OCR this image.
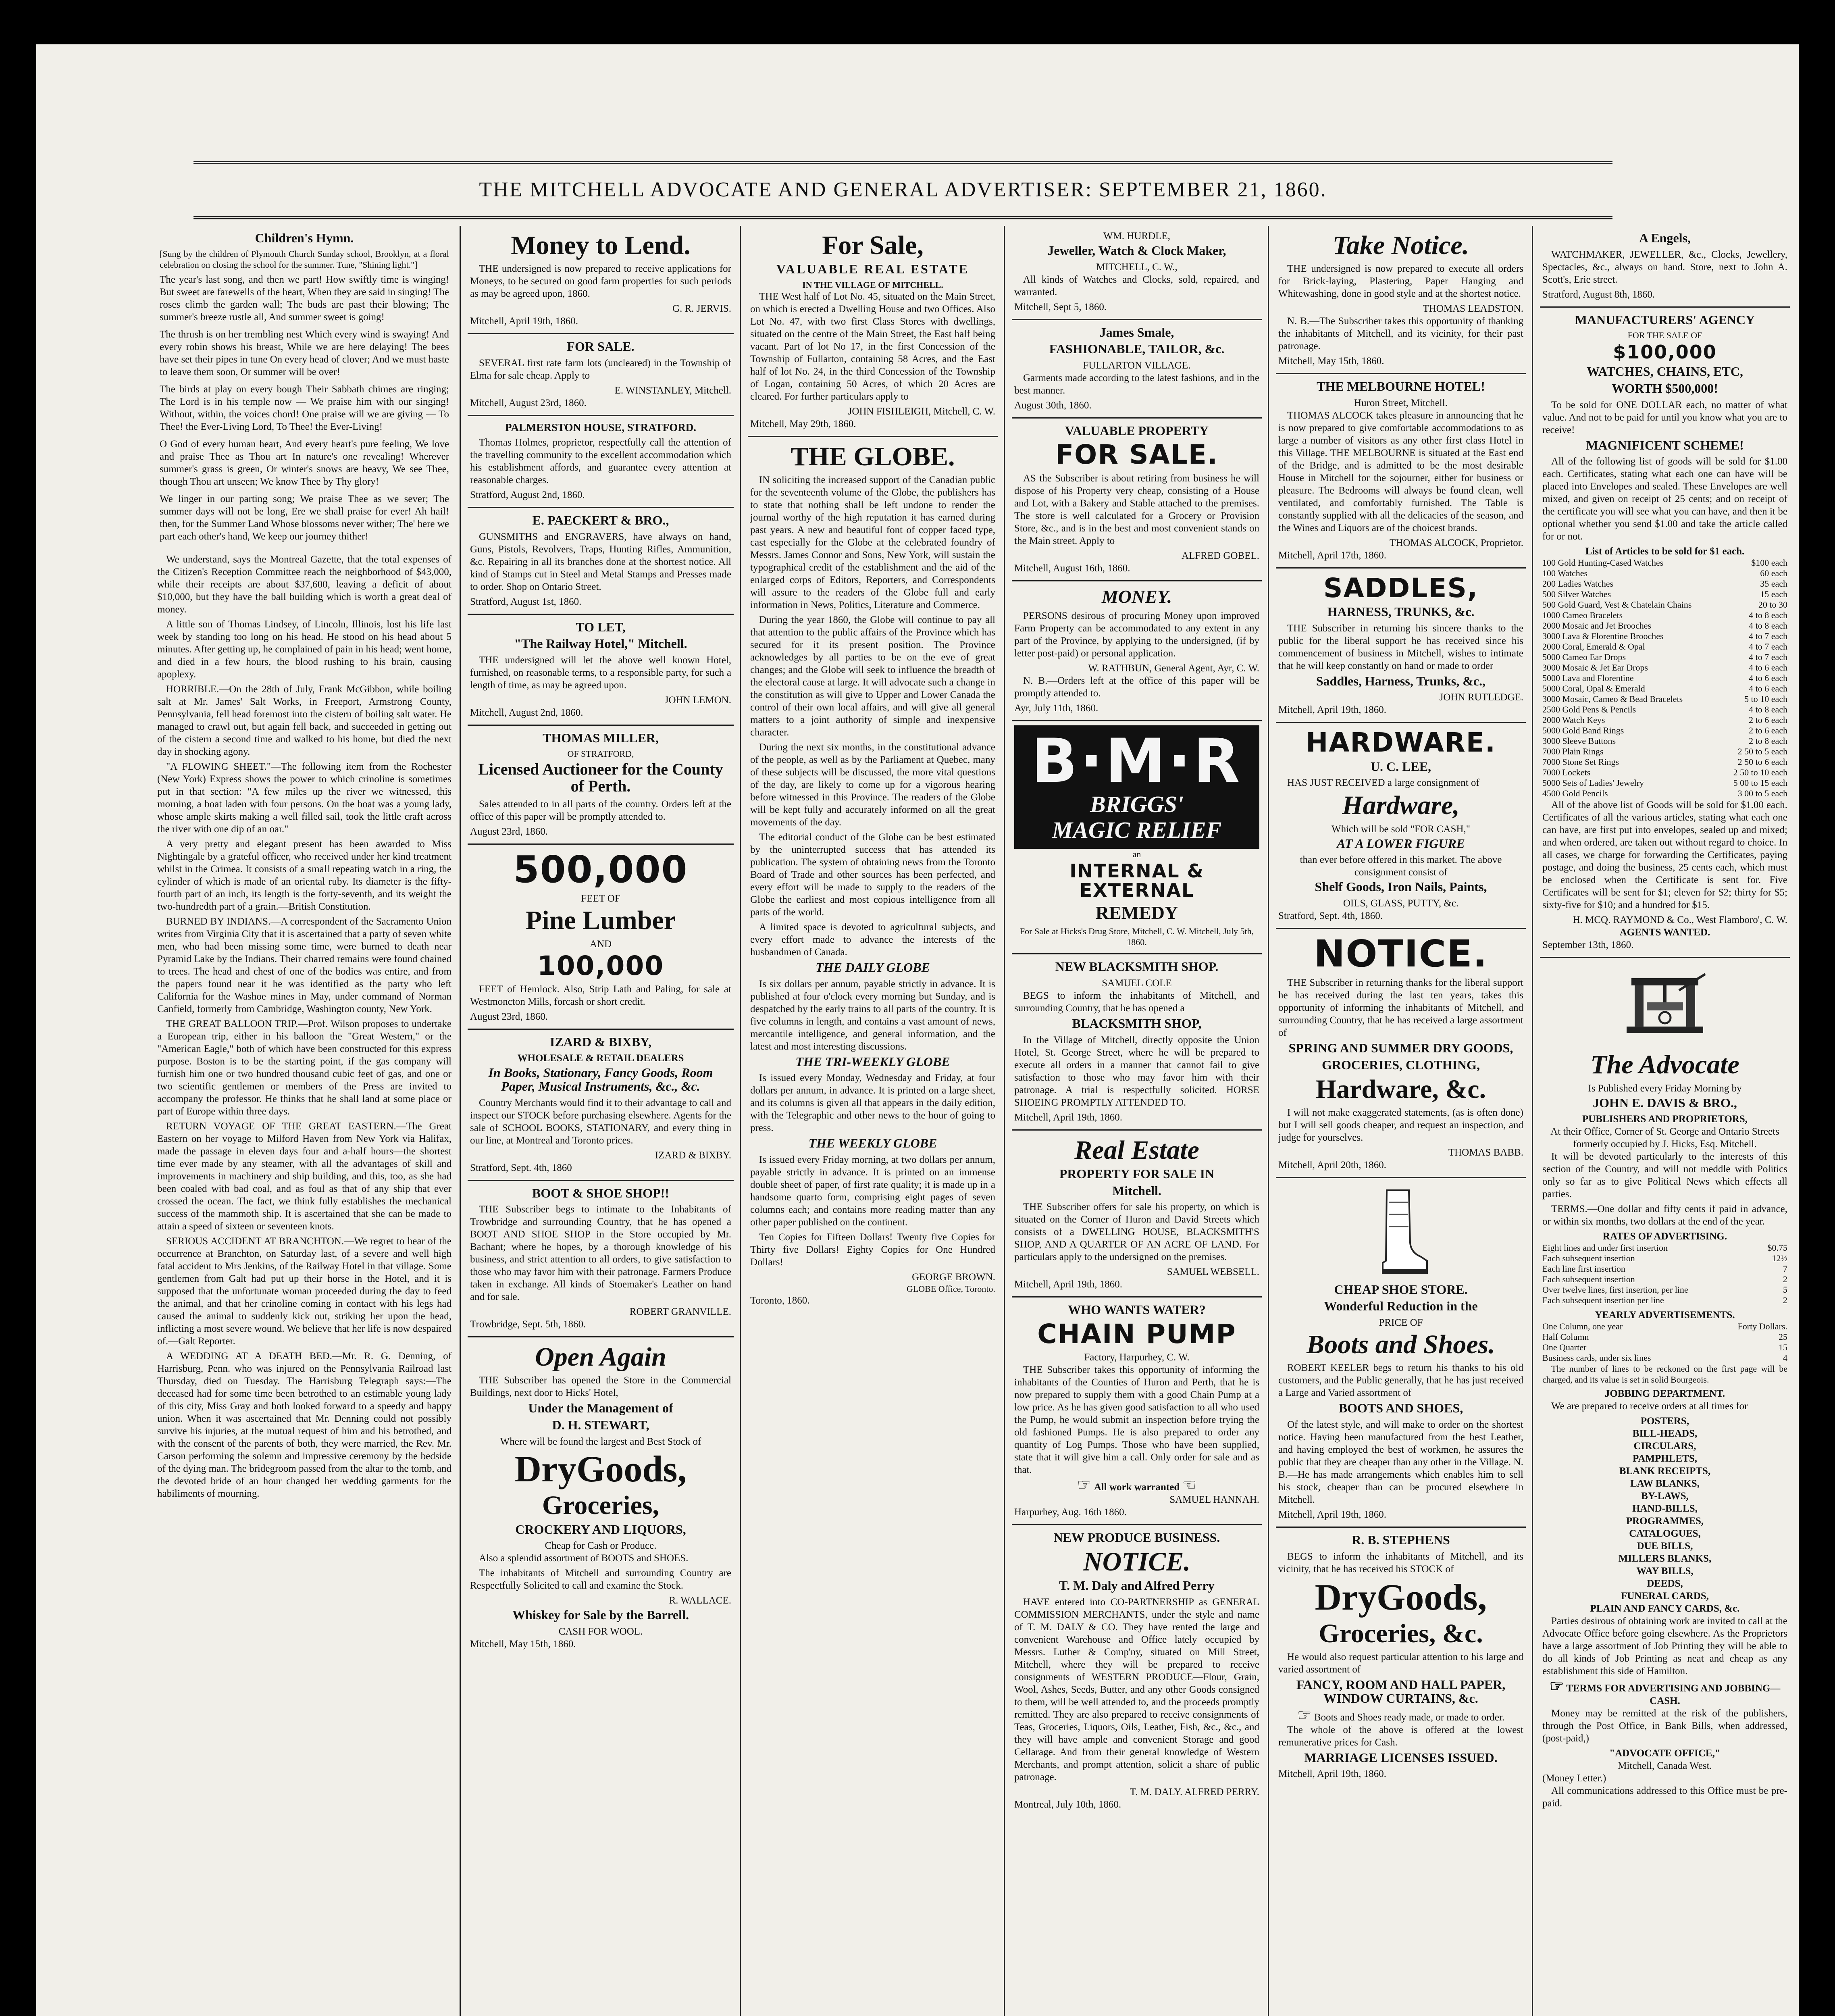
THE MITCHELL ADVOCATE AND GENERAL ADVERTISER: SEPTEMBER 21, 1860.
Children's Hymn.
[Sung by the children of Plymouth Church Sunday school, Brooklyn, at a floral celebration on closing the school for the summer. Tune, "Shining light."]

The year's last song, and then we part! How swiftly time is winging! But sweet are farewells of the heart, When they are said in singing! The roses climb the garden wall; The buds are past their blowing; The summer's breeze rustle all, And summer sweet is going!

The thrush is on her trembling nest Which every wind is swaying! And every robin shows his breast, While we are here delaying! The bees have set their pipes in tune On every head of clover; And we must haste to leave them soon, Or summer will be over!

The birds at play on every bough Their Sabbath chimes are ringing; The Lord is in his temple now — We praise him with our singing! Without, within, the voices chord! One praise will we are giving — To Thee! the Ever-Living Lord, To Thee! the Ever-Living!

O God of every human heart, And every heart's pure feeling, We love and praise Thee as Thou art In nature's one revealing! Wherever summer's grass is green, Or winter's snows are heavy, We see Thee, though Thou art unseen; We know Thee by Thy glory!

We linger in our parting song; We praise Thee as we sever; The summer days will not be long, Ere we shall praise for ever! Ah hail! then, for the Summer Land Whose blossoms never wither; The' here we part each other's hand, We keep our journey thither!

We understand, says the Montreal Gazette, that the total expenses of the Citizen's Reception Committee reach the neighborhood of $43,000, while their receipts are about $37,600, leaving a deficit of about $10,000, but they have the ball building which is worth a great deal of money.

A little son of Thomas Lindsey, of Lincoln, Illinois, lost his life last week by standing too long on his head. He stood on his head about 5 minutes. After getting up, he complained of pain in his head; went home, and died in a few hours, the blood rushing to his brain, causing apoplexy.

HORRIBLE.—On the 28th of July, Frank McGibbon, while boiling salt at Mr. James' Salt Works, in Freeport, Armstrong County, Pennsylvania, fell head foremost into the cistern of boiling salt water. He managed to crawl out, but again fell back, and succeeded in getting out of the cistern a second time and walked to his home, but died the next day in shocking agony.

"A FLOWING SHEET."—The following item from the Rochester (New York) Express shows the power to which crinoline is sometimes put in that section: "A few miles up the river we witnessed, this morning, a boat laden with four persons. On the boat was a young lady, whose ample skirts making a well filled sail, took the little craft across the river with one dip of an oar."

A very pretty and elegant present has been awarded to Miss Nightingale by a grateful officer, who received under her kind treatment whilst in the Crimea. It consists of a small repeating watch in a ring, the cylinder of which is made of an oriental ruby. Its diameter is the fifty-fourth part of an inch, its length is the forty-seventh, and its weight the two-hundredth part of a grain.—British Constitution.

BURNED BY INDIANS.—A correspondent of the Sacramento Union writes from Virginia City that it is ascertained that a party of seven white men, who had been missing some time, were burned to death near Pyramid Lake by the Indians. Their charred remains were found chained to trees. The head and chest of one of the bodies was entire, and from the papers found near it he was identified as the party who left California for the Washoe mines in May, under command of Norman Canfield, formerly from Cambridge, Washington county, New York.

THE GREAT BALLOON TRIP.—Prof. Wilson proposes to undertake a European trip, either in his balloon the "Great Western," or the "American Eagle," both of which have been constructed for this express purpose. Boston is to be the starting point, if the gas company will furnish him one or two hundred thousand cubic feet of gas, and one or two scientific gentlemen or members of the Press are invited to accompany the professor. He thinks that he shall land at some place or part of Europe within three days.

RETURN VOYAGE OF THE GREAT EASTERN.—The Great Eastern on her voyage to Milford Haven from New York via Halifax, made the passage in eleven days four and a-half hours—the shortest time ever made by any steamer, with all the advantages of skill and improvements in machinery and ship building, and this, too, as she had been coaled with bad coal, and as foul as that of any ship that ever crossed the ocean. The fact, we think fully establishes the mechanical success of the mammoth ship. It is ascertained that she can be made to attain a speed of sixteen or seventeen knots.

SERIOUS ACCIDENT AT BRANCHTON.—We regret to hear of the occurrence at Branchton, on Saturday last, of a severe and well high fatal accident to Mrs Jenkins, of the Railway Hotel in that village. Some gentlemen from Galt had put up their horse in the Hotel, and it is supposed that the unfortunate woman proceeded during the day to feed the animal, and that her crinoline coming in contact with his legs had caused the animal to suddenly kick out, striking her upon the head, inflicting a most severe wound. We believe that her life is now despaired of.—Galt Reporter.

A WEDDING AT A DEATH BED.—Mr. R. G. Denning, of Harrisburg, Penn. who was injured on the Pennsylvania Railroad last Thursday, died on Tuesday. The Harrisburg Telegraph says:—The deceased had for some time been betrothed to an estimable young lady of this city, Miss Gray and both looked forward to a speedy and happy union. When it was ascertained that Mr. Denning could not possibly survive his injuries, at the mutual request of him and his betrothed, and with the consent of the parents of both, they were married, the Rev. Mr. Carson performing the solemn and impressive ceremony by the bedside of the dying man. The bridegroom passed from the altar to the tomb, and the devoted bride of an hour changed her wedding garments for the habiliments of mourning.

Money to Lend.

THE undersigned is now prepared to receive applications for Moneys, to be secured on good farm properties for such periods as may be agreed upon, 1860.

G. R. JERVIS.
Mitchell, April 19th, 1860.
FOR SALE.

SEVERAL first rate farm lots (uncleared) in the Township of Elma for sale cheap. Apply to

E. WINSTANLEY, Mitchell.
Mitchell, August 23rd, 1860.
PALMERSTON HOUSE, STRATFORD.

Thomas Holmes, proprietor, respectfully call the attention of the travelling community to the excellent accommodation which his establishment affords, and guarantee every attention at reasonable charges.

Stratford, August 2nd, 1860.
E. PAECKERT & BRO.,

GUNSMITHS and ENGRAVERS, have always on hand, Guns, Pistols, Revolvers, Traps, Hunting Rifles, Ammunition, &c. Repairing in all its branches done at the shortest notice. All kind of Stamps cut in Steel and Metal Stamps and Presses made to order. Shop on Ontario Street.

Stratford, August 1st, 1860.
TO LET,
"The Railway Hotel," Mitchell.

THE undersigned will let the above well known Hotel, furnished, on reasonable terms, to a responsible party, for such a length of time, as may be agreed upon.

JOHN LEMON.
Mitchell, August 2nd, 1860.
THOMAS MILLER,
OF STRATFORD,
Licensed Auctioneer for the County of Perth.

Sales attended to in all parts of the country. Orders left at the office of this paper will be promptly attended to.

August 23rd, 1860.
500,000
FEET OF
Pine Lumber
AND
100,000

FEET of Hemlock. Also, Strip Lath and Paling, for sale at Westmoncton Mills, forcash or short credit.

August 23rd, 1860.
IZARD & BIXBY,
WHOLESALE & RETAIL DEALERS
In Books, Stationary, Fancy Goods, Room Paper, Musical Instruments, &c., &c.

Country Merchants would find it to their advantage to call and inspect our STOCK before purchasing elsewhere. Agents for the sale of SCHOOL BOOKS, STATIONARY, and every thing in our line, at Montreal and Toronto prices.

IZARD & BIXBY.
Stratford, Sept. 4th, 1860
BOOT & SHOE SHOP!!

THE Subscriber begs to intimate to the Inhabitants of Trowbridge and surrounding Country, that he has opened a BOOT AND SHOE SHOP in the Store occupied by Mr. Bachant; where he hopes, by a thorough knowledge of his business, and strict attention to all orders, to give satisfaction to those who may favor him with their patronage. Farmers Produce taken in exchange. All kinds of Stoemaker's Leather on hand and for sale.

ROBERT GRANVILLE.
Trowbridge, Sept. 5th, 1860.
Open Again

THE Subscriber has opened the Store in the Commercial Buildings, next door to Hicks' Hotel,

Under the Management of
D. H. STEWART,
Where will be found the largest and Best Stock of
DryGoods,
Groceries,
CROCKERY AND LIQUORS,
Cheap for Cash or Produce.

Also a splendid assortment of BOOTS and SHOES.

The inhabitants of Mitchell and surrounding Country are Respectfully Solicited to call and examine the Stock.

R. WALLACE.
Whiskey for Sale by the Barrell.
CASH FOR WOOL.
Mitchell, May 15th, 1860.
For Sale,
VALUABLE REAL ESTATE
IN THE VILLAGE OF MITCHELL.

THE West half of Lot No. 45, situated on the Main Street, on which is erected a Dwelling House and two Offices. Also Lot No. 47, with two first Class Stores with dwellings, situated on the centre of the Main Street, the East half being vacant. Part of lot No 17, in the first Concession of the Township of Fullarton, containing 58 Acres, and the East half of lot No. 24, in the third Concession of the Township of Logan, containing 50 Acres, of which 20 Acres are cleared. For further particulars apply to

JOHN FISHLEIGH, Mitchell, C. W.
Mitchell, May 29th, 1860.
THE GLOBE.

IN soliciting the increased support of the Canadian public for the seventeenth volume of the Globe, the publishers has to state that nothing shall be left undone to render the journal worthy of the high reputation it has earned during past years. A new and beautiful font of copper faced type, cast especially for the Globe at the celebrated foundry of Messrs. James Connor and Sons, New York, will sustain the typographical credit of the establishment and the aid of the enlarged corps of Editors, Reporters, and Correspondents will assure to the readers of the Globe full and early information in News, Politics, Literature and Commerce.

During the year 1860, the Globe will continue to pay all that attention to the public affairs of the Province which has secured for it its present position. The Province acknowledges by all parties to be on the eve of great changes; and the Globe will seek to influence the breadth of the electoral cause at large. It will advocate such a change in the constitution as will give to Upper and Lower Canada the control of their own local affairs, and will give all general matters to a joint authority of simple and inexpensive character.

During the next six months, in the constitutional advance of the people, as well as by the Parliament at Quebec, many of these subjects will be discussed, the more vital questions of the day, are likely to come up for a vigorous hearing before witnessed in this Province. The readers of the Globe will be kept fully and accurately informed on all the great movements of the day.

The editorial conduct of the Globe can be best estimated by the uninterrupted success that has attended its publication. The system of obtaining news from the Toronto Board of Trade and other sources has been perfected, and every effort will be made to supply to the readers of the Globe the earliest and most copious intelligence from all parts of the world.

A limited space is devoted to agricultural subjects, and every effort made to advance the interests of the husbandmen of Canada.

THE DAILY GLOBE

Is six dollars per annum, payable strictly in advance. It is published at four o'clock every morning but Sunday, and is despatched by the early trains to all parts of the country. It is five columns in length, and contains a vast amount of news, mercantile intelligence, and general information, and the latest and most interesting discussions.

THE TRI-WEEKLY GLOBE

Is issued every Monday, Wednesday and Friday, at four dollars per annum, in advance. It is printed on a large sheet, and its columns is given all that appears in the daily edition, with the Telegraphic and other news to the hour of going to press.

THE WEEKLY GLOBE

Is issued every Friday morning, at two dollars per annum, payable strictly in advance. It is printed on an immense double sheet of paper, of first rate quality; it is made up in a handsome quarto form, comprising eight pages of seven columns each; and contains more reading matter than any other paper published on the continent.

Ten Copies for Fifteen Dollars! Twenty five Copies for Thirty five Dollars! Eighty Copies for One Hundred Dollars!

GEORGE BROWN.
GLOBE Office, Toronto.
Toronto, 1860.
WM. HURDLE,
Jeweller, Watch & Clock Maker,
MITCHELL, C. W.,

All kinds of Watches and Clocks, sold, repaired, and warranted.

Mitchell, Sept 5, 1860.
James Smale,
FASHIONABLE, TAILOR, &c.
FULLARTON VILLAGE.

Garments made according to the latest fashions, and in the best manner.

August 30th, 1860.
VALUABLE PROPERTY
FOR SALE.

AS the Subscriber is about retiring from business he will dispose of his Property very cheap, consisting of a House and Lot, with a Bakery and Stable attached to the premises. The store is well calculated for a Grocery or Provision Store, &c., and is in the best and most convenient stands on the Main street. Apply to

ALFRED GOBEL.
Mitchell, August 16th, 1860.
MONEY.

PERSONS desirous of procuring Money upon improved Farm Property can be accommodated to any extent in any part of the Province, by applying to the undersigned, (if by letter post-paid) or personal application.

W. RATHBUN, General Agent, Ayr, C. W.

N. B.—Orders left at the office of this paper will be promptly attended to.

Ayr, July 11th, 1860.
B·M·R
BRIGGS'
MAGIC RELIEF
an
INTERNAL & EXTERNAL
REMEDY
For Sale at Hicks's Drug Store, Mitchell, C. W. Mitchell, July 5th, 1860.
NEW BLACKSMITH SHOP.
SAMUEL COLE

BEGS to inform the inhabitants of Mitchell, and surrounding Country, that he has opened a

BLACKSMITH SHOP,

In the Village of Mitchell, directly opposite the Union Hotel, St. George Street, where he will be prepared to execute all orders in a manner that cannot fail to give satisfaction to those who may favor him with their patronage. A trial is respectfully solicited. HORSE SHOEING PROMPTLY ATTENDED TO.

Mitchell, April 19th, 1860.
Real Estate
PROPERTY FOR SALE IN
Mitchell.

THE Subscriber offers for sale his property, on which is situated on the Corner of Huron and David Streets which consists of a DWELLING HOUSE, BLACKSMITH'S SHOP, AND A QUARTER OF AN ACRE OF LAND. For particulars apply to the undersigned on the premises.

SAMUEL WEBSELL.
Mitchell, April 19th, 1860.
WHO WANTS WATER?
CHAIN PUMP
Factory, Harpurhey, C. W.

THE Subscriber takes this opportunity of informing the inhabitants of the Counties of Huron and Perth, that he is now prepared to supply them with a good Chain Pump at a low price. As he has given good satisfaction to all who used the Pump, he would submit an inspection before trying the old fashioned Pumps. He is also prepared to order any quantity of Log Pumps. Those who have been supplied, state that it will give him a call. Only order for sale and as that.

☞ All work warranted ☜
SAMUEL HANNAH.
Harpurhey, Aug. 16th 1860.
NEW PRODUCE BUSINESS.
NOTICE.
T. M. Daly and Alfred Perry

HAVE entered into CO-PARTNERSHIP as GENERAL COMMISSION MERCHANTS, under the style and name of T. M. DALY & CO. They have rented the large and convenient Warehouse and Office lately occupied by Messrs. Luther & Comp'ny, situated on Mill Street, Mitchell, where they will be prepared to receive consignments of WESTERN PRODUCE—Flour, Grain, Wool, Ashes, Seeds, Butter, and any other Goods consigned to them, will be well attended to, and the proceeds promptly remitted. They are also prepared to receive consignments of Teas, Groceries, Liquors, Oils, Leather, Fish, &c., &c., and they will have ample and convenient Storage and good Cellarage. And from their general knowledge of Western Merchants, and prompt attention, solicit a share of public patronage.

T. M. DALY. ALFRED PERRY.
Montreal, July 10th, 1860.
Take Notice.

THE undersigned is now prepared to execute all orders for Brick-laying, Plastering, Paper Hanging and Whitewashing, done in good style and at the shortest notice.

THOMAS LEADSTON.

N. B.—The Subscriber takes this opportunity of thanking the inhabitants of Mitchell, and its vicinity, for their past patronage.

Mitchell, May 15th, 1860.
THE MELBOURNE HOTEL!
Huron Street, Mitchell.

THOMAS ALCOCK takes pleasure in announcing that he is now prepared to give comfortable accommodations to as large a number of visitors as any other first class Hotel in this Village. THE MELBOURNE is situated at the East end of the Bridge, and is admitted to be the most desirable House in Mitchell for the sojourner, either for business or pleasure. The Bedrooms will always be found clean, well ventilated, and comfortably furnished. The Table is constantly supplied with all the delicacies of the season, and the Wines and Liquors are of the choicest brands.

THOMAS ALCOCK, Proprietor.
Mitchell, April 17th, 1860.
SADDLES,
HARNESS, TRUNKS, &c.

THE Subscriber in returning his sincere thanks to the public for the liberal support he has received since his commencement of business in Mitchell, wishes to intimate that he will keep constantly on hand or made to order

Saddles, Harness, Trunks, &c.,
JOHN RUTLEDGE.
Mitchell, April 19th, 1860.
HARDWARE.
U. C. LEE,

HAS JUST RECEIVED a large consignment of

Hardware,
Which will be sold "FOR CASH,"
AT A LOWER FIGURE
than ever before offered in this market. The above consignment consist of
Shelf Goods, Iron Nails, Paints,
OILS, GLASS, PUTTY, &c.
Stratford, Sept. 4th, 1860.
NOTICE.

THE Subscriber in returning thanks for the liberal support he has received during the last ten years, takes this opportunity of informing the inhabitants of Mitchell, and surrounding Country, that he has received a large assortment of

SPRING AND SUMMER DRY GOODS,
GROCERIES, CLOTHING,
Hardware, &c.

I will not make exaggerated statements, (as is often done) but I will sell goods cheaper, and request an inspection, and judge for yourselves.

THOMAS BABB.
Mitchell, April 20th, 1860.
CHEAP SHOE STORE.
Wonderful Reduction in the
PRICE OF
Boots and Shoes.

ROBERT KEELER begs to return his thanks to his old customers, and the Public generally, that he has just received a Large and Varied assortment of

BOOTS AND SHOES,

Of the latest style, and will make to order on the shortest notice. Having been manufactured from the best Leather, and having employed the best of workmen, he assures the public that they are cheaper than any other in the Village. N. B.—He has made arrangements which enables him to sell his stock, cheaper than can be procured elsewhere in Mitchell.

Mitchell, April 19th, 1860.
R. B. STEPHENS

BEGS to inform the inhabitants of Mitchell, and its vicinity, that he has received his STOCK of

DryGoods,
Groceries, &c.

He would also request particular attention to his large and varied assortment of

FANCY, ROOM AND HALL PAPER, WINDOW CURTAINS, &c.
☞ Boots and Shoes ready made, or made to order.

The whole of the above is offered at the lowest remunerative prices for Cash.

MARRIAGE LICENSES ISSUED.
Mitchell, April 19th, 1860.
A Engels,

WATCHMAKER, JEWELLER, &c., Clocks, Jewellery, Spectacles, &c., always on hand. Store, next to John A. Scott's, Erie street.

Stratford, August 8th, 1860.
MANUFACTURERS' AGENCY
FOR THE SALE OF
$100,000
WATCHES, CHAINS, ETC,
WORTH $500,000!

To be sold for ONE DOLLAR each, no matter of what value. And not to be paid for until you know what you are to receive!

MAGNIFICENT SCHEME!

All of the following list of goods will be sold for $1.00 each. Certificates, stating what each one can have will be placed into Envelopes and sealed. These Envelopes are well mixed, and given on receipt of 25 cents; and on receipt of the certificate you will see what you can have, and then it be optional whether you send $1.00 and take the article called for or not.

List of Articles to be sold for $1 each.
100 Gold Hunting-Cased Watches	$100 each
100 Watches	60 each
200 Ladies Watches	35 each
500 Silver Watches	15 each
500 Gold Guard, Vest & Chatelain Chains	20 to 30
1000 Cameo Bracelets	4 to 8 each
2000 Mosaic and Jet Brooches	4 to 8 each
3000 Lava & Florentine Brooches	4 to 7 each
2000 Coral, Emerald & Opal	4 to 7 each
5000 Cameo Ear Drops	4 to 7 each
3000 Mosaic & Jet Ear Drops	4 to 6 each
5000 Lava and Florentine	4 to 6 each
5000 Coral, Opal & Emerald	4 to 6 each
3000 Mosaic, Cameo & Bead Bracelets	5 to 10 each
2500 Gold Pens & Pencils	4 to 8 each
2000 Watch Keys	2 to 6 each
5000 Gold Band Rings	2 to 6 each
3000 Sleeve Buttons	2 to 8 each
7000 Plain Rings	2 50 to 5 each
7000 Stone Set Rings	2 50 to 6 each
7000 Lockets	2 50 to 10 each
5000 Sets of Ladies' Jewelry	5 00 to 15 each
4500 Gold Pencils	3 00 to 5 each

All of the above list of Goods will be sold for $1.00 each. Certificates of all the various articles, stating what each one can have, are first put into envelopes, sealed up and mixed; and when ordered, are taken out without regard to choice. In all cases, we charge for forwarding the Certificates, paying postage, and doing the business, 25 cents each, which must be enclosed when the Certificate is sent for. Five Certificates will be sent for $1; eleven for $2; thirty for $5; sixty-five for $10; and a hundred for $15.

H. MCQ. RAYMOND & Co., West Flamboro', C. W.
AGENTS WANTED.
September 13th, 1860.
The Advocate
Is Published every Friday Morning by
JOHN E. DAVIS & BRO.,
PUBLISHERS AND PROPRIETORS,
At their Office, Corner of St. George and Ontario Streets formerly occupied by J. Hicks, Esq. Mitchell.

It will be devoted particularly to the interests of this section of the Country, and will not meddle with Politics only so far as to give Political News which effects all parties.

TERMS.—One dollar and fifty cents if paid in advance, or within six months, two dollars at the end of the year.

RATES OF ADVERTISING.
Eight lines and under first insertion	$0.75
Each subsequent insertion	12½
Each line first insertion	7
Each subsequent insertion	2
Over twelve lines, first insertion, per line	5
Each subsequent insertion per line	2
YEARLY ADVERTISEMENTS.
One Column, one year	Forty Dollars.
Half Column	25
One Quarter	15
Business cards, under six lines	4

The number of lines to be reckoned on the first page will be charged, and its value is set in solid Bourgeois.

JOBBING DEPARTMENT.

We are prepared to receive orders at all times for

POSTERS,
BILL-HEADS,
CIRCULARS,
PAMPHLETS,
BLANK RECEIPTS,
LAW BLANKS,
BY-LAWS,
HAND-BILLS,
PROGRAMMES,
CATALOGUES,
DUE BILLS,
MILLERS BLANKS,
WAY BILLS,
DEEDS,
FUNERAL CARDS,
PLAIN AND FANCY CARDS, &c.

Parties desirous of obtaining work are invited to call at the Advocate Office before going elsewhere. As the Proprietors have a large assortment of Job Printing they will be able to do all kinds of Job Printing as neat and cheap as any establishment this side of Hamilton.

☞ TERMS FOR ADVERTISING AND JOBBING—CASH.

Money may be remitted at the risk of the publishers, through the Post Office, in Bank Bills, when addressed, (post-paid,)

"ADVOCATE OFFICE,"
Mitchell, Canada West.
(Money Letter.)

All communications addressed to this Office must be pre-paid.
